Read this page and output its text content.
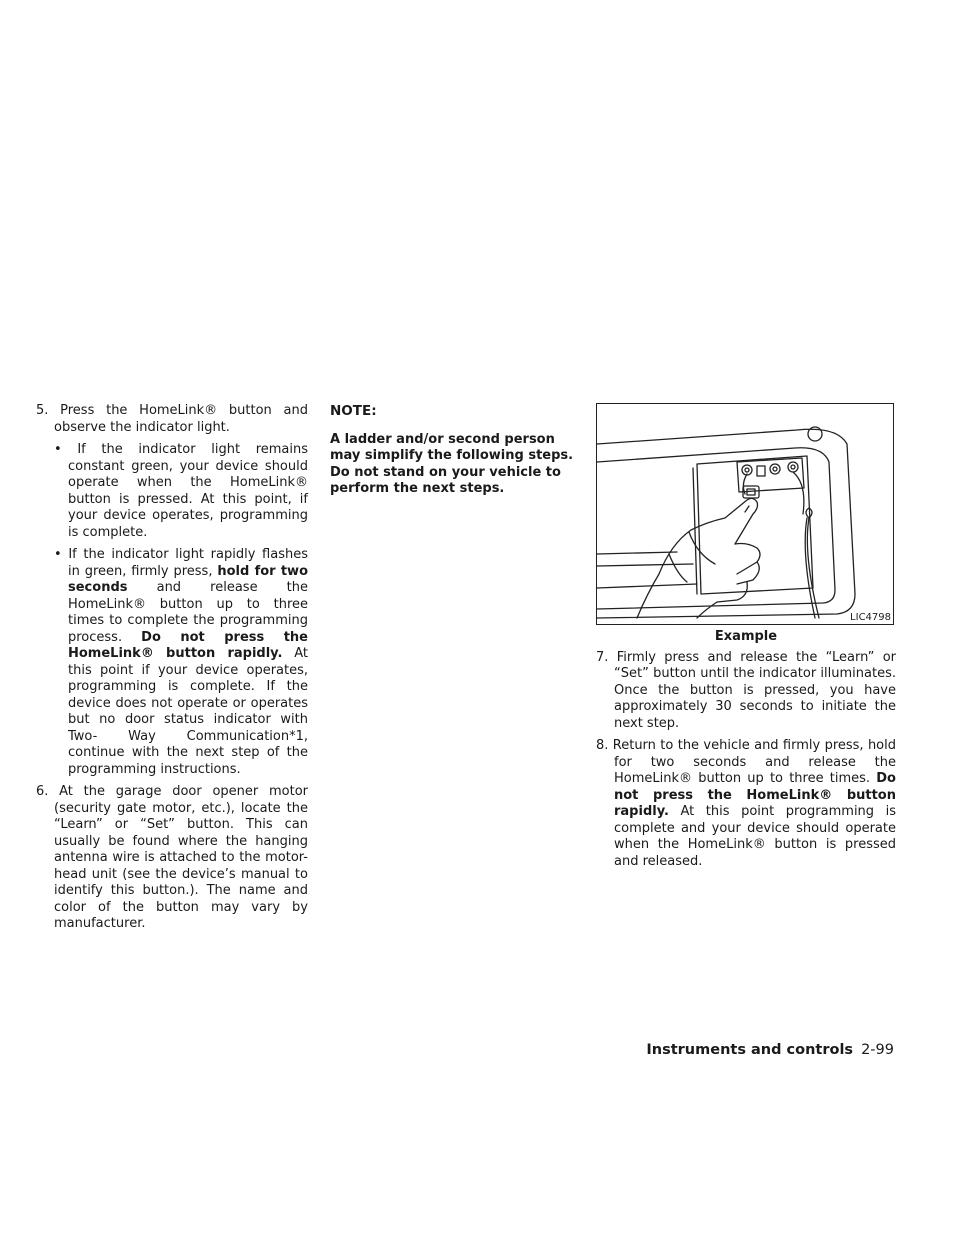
5. Press the HomeLink® button and observe the indicator light.

• If the indicator light remains constant green, your device should operate when the HomeLink® button is pressed. At this point, if your device operates, programming is complete.

• If the indicator light rapidly flashes in green, firmly press, hold for two seconds and release the HomeLink® button up to three times to complete the programming process. Do not press the HomeLink® button rapidly. At this point if your device operates, programming is complete. If the device does not operate or operates but no door status indicator with Two- Way Communication*1, continue with the next step of the programming instructions.

6. At the garage door opener motor (security gate motor, etc.), locate the “Learn” or “Set” button. This can usually be found where the hanging antenna wire is attached to the motor-head unit (see the device’s manual to identify this button.). The name and color of the button may vary by manufacturer.

NOTE:

A ladder and/or second person may simplify the following steps. Do not stand on your vehicle to perform the next steps.

LIC4798

Example

7. Firmly press and release the “Learn” or “Set” button until the indicator illuminates. Once the button is pressed, you have approximately 30 seconds to initiate the next step.

8. Return to the vehicle and firmly press, hold for two seconds and release the HomeLink® button up to three times. Do not press the HomeLink® button rapidly. At this point programming is complete and your device should operate when the HomeLink® button is pressed and released.

Instruments and controls 2-99
